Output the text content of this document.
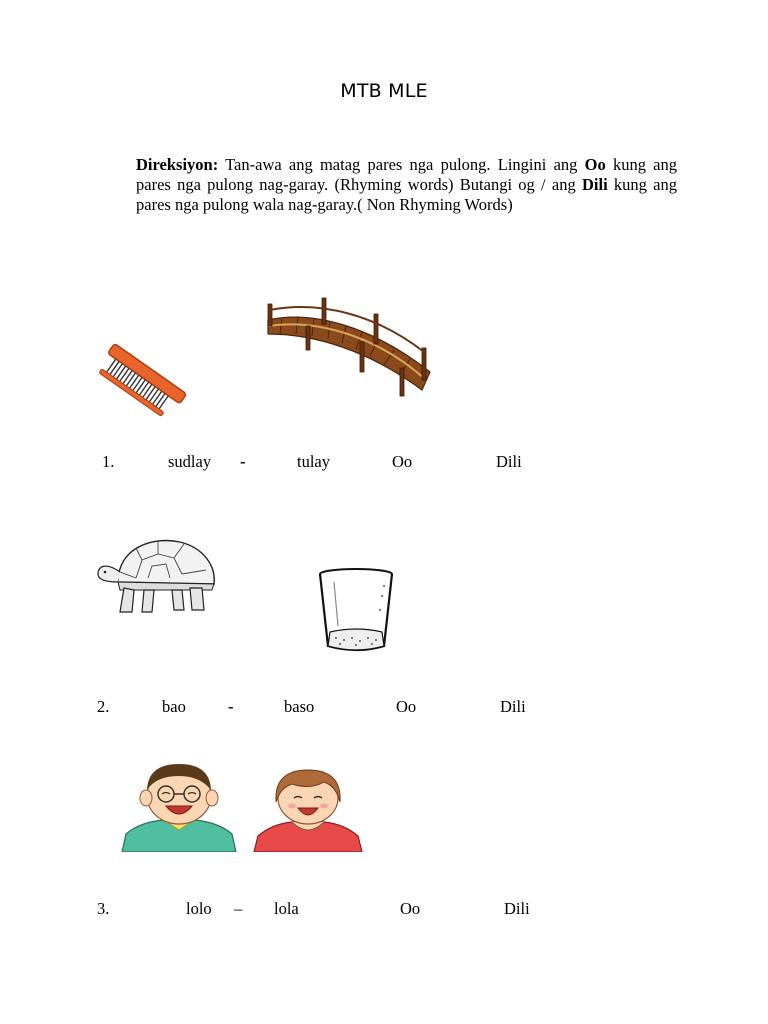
MTB MLE
Direksiyon: Tan-awa ang matag pares nga pulong. Lingini ang Oo kung ang pares nga pulong nag-garay. (Rhyming words) Butangi og / ang Dili kung ang pares nga pulong wala nag-garay.( Non Rhyming Words)
1.	sudlay -	tulay	Oo	Dili
2.	bao	-	baso	Oo	Dili
3.	lolo – lola	Oo	Dili
